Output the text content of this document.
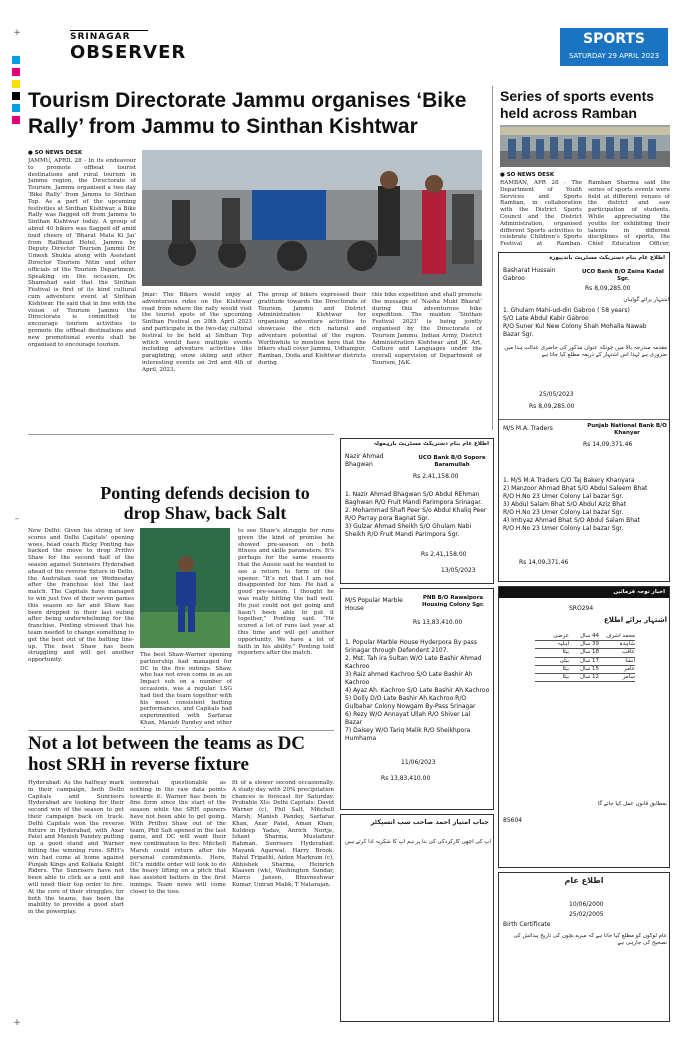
+
–
+
SRINAGAR
OBSERVER
SPORTS
SATURDAY 29 APRIL 2023
Tourism Directorate Jammu organises ‘Bike Rally’ from Jammu to Sinthan Kishtwar
● SO NEWS DESK
JAMMU, APRIL 28 - In its endeavour to promote offbeat tourist destinations and rural tourism in Jammu region, the Directorate of Tourism, Jammu organised a two day ‘Bike Rally’ from Jammu to Sinthan Top. As a part of the upcoming festivities at Sinthan Kishtwar, a Bike Rally was flagged off from Jammu to Sinthan Kishtwar today. A group of about 40 bikers was flagged off amid loud cheers of ‘Bharat Mata Ki Jai’ from Railhead Hotel, Jammu by Deputy Director Tourism Jammu Dr. Umesh Shukla along with Assistant Director Tourism Nitin and other officials of the Tourism Department. Speaking on the occasion, Dr. Shamshad said that the Sinthan Festival is first of its kind cultural cum adventure event at Sinthan Kishtwar. He said that in line with the vision of Tourism Jammu the Directorate is committed to encourage tourism activities to promote the offbeat destinations and new promotional events shall be organised to encourage tourism.
Jmar: The Bikers would enjoy at adventurous rides on the Kishtwar road from where the rally would visit the tourist spots of the upcoming Sinthan Festival on 29th April 2023 and participate in the two-day cultural festival to be held at Sinthan Top which would have multiple events including adventure activities like paragliding, snow skiing and other interesting events on 3rd and 4th of April, 2023.
The group of bikers expressed their gratitude towards the Directorate of Tourism, Jammu and District Administration Kishtwar for organising adventure activities to showcase the rich natural and adventure potential of the region. Worthwhile to mention here that the bikers shall cover Jammu, Udhampur, Ramban, Doda and Kishtwar districts during
this bike expedition and shall promote the message of ‘Nasha Mukt Bharat’ during this adventurous bike expedition. The maiden ‘Sinthan Festival 2023’ is being jointly organised by the Directorate of Tourism Jammu, Indian Army, District Administration Kishtwar and JK Art, Culture and Languages under the overall supervision of Department of Tourism, J&K.
Series of sports events held across Ramban
● SO NEWS DESK
RAMBAN, APR 28 - The Department of Youth Services and Sports Ramban, in collaboration with the District Sports Council and the District Administration, organised different Sports activities to celebrate Children’s Sports Festival at Ramban.
Ramban Sharma said the series of sports events were held at different venues of the district and saw participation of students. While appreciating the youths for exhibiting their talents in different disciplines of sports, the Chief Education Officer,
اطلاع عام بنام دستریکٹ مسٹریٹ باندیپورہ
Basharat Hussain Gabroo
UCO Bank B/O Zaina Kadal Sgr.
Rs 8,09,285.00
اشتہار برائے گواہان
1. Ghulam Mahi-ud-din Gabroo ( 58 years)
S/O Late Abdul Kabir Gabroo
R/O Suner Kul New Colony Shah Mohalla Nawab
Bazar Sgr.
مقدمہ مندرجہ بالا میں چونکہ عنوان مذکور کی حاضری عدالت ہذا میں ضروری ہے لہذا اس اشتہار کے ذریعہ مطلع کیا جاتا ہے
25/05/2023
Rs 8,09,285.00
M/S M.A. Traders	Punjab National Bank B/O Khanyar
Rs 14,09,371.46
1. M/S M.A Traders C/O Taj Bakery Khanyara
2) Manzoor Ahmad Bhat S/O Abdul Saleem Bhat
R/O H.No 23 Umer Colony Lal bazar Sgr.
3) Abdul Salam Bhat S/O Abdul Aziz Bhat
R/O H.No 23 Umer Colony Lal bazar Sgr.
4) Imtiyaz Ahmad Bhat S/O Abdul Salam Bhat
R/O H.No 23 Umer Colony Lal bazar Sgr.
Rs 14,09,371.46
اطلاع عام بنام دستریکٹ مسٹریٹ بارہمولہ
Nazir Ahmad Bhagwan
UCO Bank B/O Sopore Baramullah
Rs 2,41,158.00
1. Nazir Ahmad Bhagwan S/O Abdul REhman
Baghwan R/O Fruit Mandi Parimpora Srinagar.
2. Mohammad Shafi Peer S/o Abdul Khaliq Peer
R/O Parray pora Bagnat Sgr.
3) Gulzar Ahmad Sheikh S/O Ghulam Nabi
Sheikh R/O Fruit Mandi Parimpora Sgr.
Rs 2,41,158.00
13/05/2023
Ponting defends decision to drop Shaw, back Salt
New Delhi: Given his string of low scores and Delhi Capitals’ opening woes, head coach Ricky Ponting has backed the move to drop Prithvi Shaw for the second half of the season against Sunrisers Hyderabad ahead of the reverse fixture in Delhi, the Australian said on Wednesday after the franchise lost the last match. The Capitals have managed to win just two of their seven games this season so far and Shaw has been dropped in their last outing after being underwhelming for the franchise. Ponting stressed that his team needed to change something to get the best out of the batting line-up. The best Shaw has been struggling and will get another opportunity.
The best Shaw-Warner opening partnership had managed for DC in the five outings. Shaw, who has not even come in as an Impact sub on a number of occasions, was a regular. LSG had tied the team together with his most consistent batting performances, and Capitals had experimented with Sarfaraz Khan, Manish Pandey and other
to see Shaw’s struggle for runs given the kind of promise he showed pre-season on both fitness and skills parameters. It’s perhaps for the same reasons that the Aussie said he wanted to see a return to form of the opener. “It’s not that I am not disappointed for him. He had a good pre-season. I thought he was really hitting the ball well. He just could not get going and hasn’t been able to put it together,” Ponting said. “He scored a lot of runs last year at this time and will get another opportunity. We have a lot of faith in his ability.” Ponting told reporters after the match.
M/S Popular Marble House
PNB B/O Rawalpora Housing Colony Sgr.
Rs 13,83,410.00
1. Popular Marble House Hyderpora By pass
Srinagar through Defendent 2107.
2. Mst. Tah ira Sultan W/O Late Bashir Ahmad
Kachroo
3) Raiz ahmed Kachroo S/O Late Bashir Ah
Kachroo
4) Ayaz Ah. Kachroo S/O Late Bashir Ah Kachroo
5) Dolly D/O Late Bashir Ah Kachroo R/O
Gulbahar Colony Nowgam By-Pass Srinagar
6) Rezy W/O Annayat Ullah R/O Shiver Lal
Bazar
7) Daisey W/O Tariq Malik R/O Sheikhpora
Humhama
11/06/2023
Rs 13,83,410.00
Not a lot between the teams as DC host SRH in reverse fixture
Hyderabad: As the halfway mark in their campaign, both Delhi Capitals and Sunrisers Hyderabad are looking for their second win of the season to get their campaign back on track. Delhi Capitals won the reverse fixture in Hyderabad, with Axar Patel and Manish Pandey putting up a good stand and Warner hitting the winning runs. SRH’s win had come at home against Punjab Kings and Kolkata Knight Riders. The Sunrisers have not been able to click as a unit and will need their top order to fire. At the core of their struggles, for both the teams, has been the inability to provide a good start in the powerplay.
somewhat questionable as nothing in the raw data points towards it. Warner has been in fine form since the start of the season while the SRH openers have not been able to get going. With Prithvi Shaw out of the team, Phil Salt opened in the last game, and DC will want their new combination to fire. Mitchell Marsh could return after his personal commitments. Here, DC’s middle order will look to do the heavy lifting on a pitch that has assisted batters in the first innings. Team news will come closer to the toss.
fit of a slower second occasionally. A study day with 20% precipitation chances is forecast for Saturday. Probable XIs: Delhi Capitals: David Warner (c), Phil Salt, Mitchell Marsh, Manish Pandey, Sarfaraz Khan, Axar Patel, Aman Khan, Kuldeep Yadav, Anrich Nortje, Ishant Sharma, Mustafizur Rahman. Sunrisers Hyderabad: Mayank Agarwal, Harry Brook, Rahul Tripathi, Aiden Markram (c), Abhishek Sharma, Heinrich Klaasen (wk), Washington Sundar, Marco Jansen, Bhuvneshwar Kumar, Umran Malik, T Natarajan.
جناب امتیاز احمد صاحب سب انسپکٹر
آپ کی اچھی کارکردگی کی بنا پر ہم آپ کا شکریہ ادا کرتے ہیں
اخبار توجہ فرمائیں
SRO294
اشتہار برائے اطلاع
عرضی	44 سال	محمد اشرف
اہلیہ	39 سال	شاہدہ
بیٹا	18 سال	عاقب
بیٹی	17 سال	انشا
بیٹا	15 سال	عامر
بیٹا	12 سال	سامر
بمطابق قانون عمل کیا جائے گا
85604
اطلاع عام
10/06/2000
25/02/2005
Birth Certificate
عام لوگوں کو مطلع کیا جاتا ہے کہ میرے بچوں کی تاریخ پیدائش کی تصحیح کی جارہی ہے
